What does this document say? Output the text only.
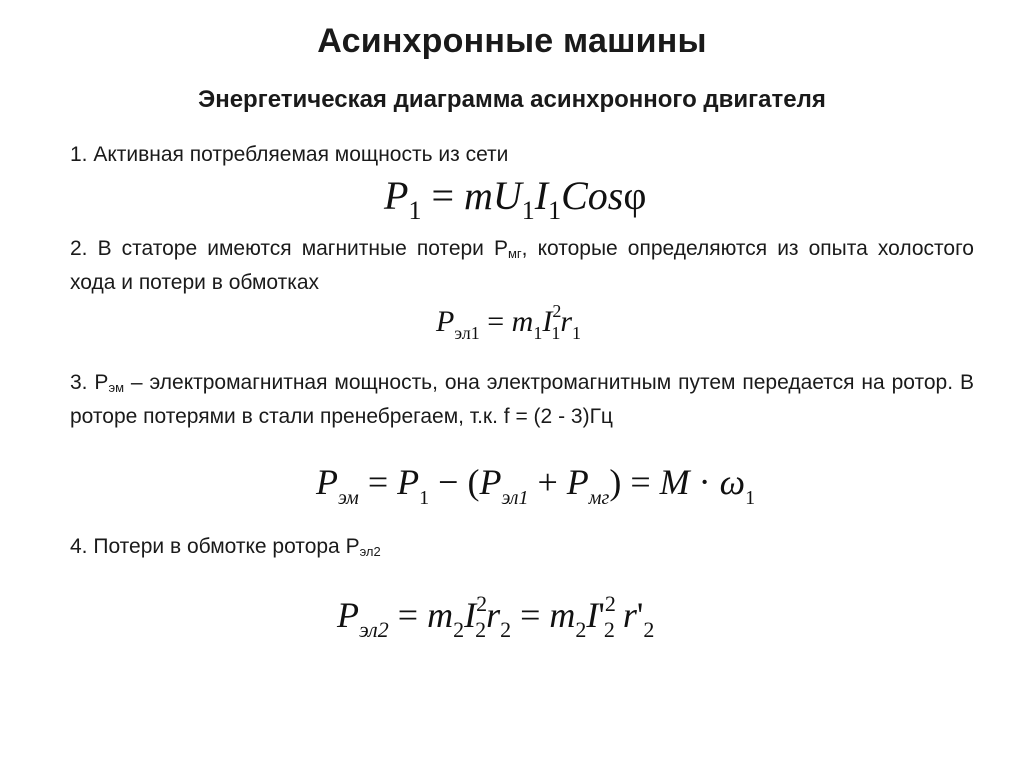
Асинхронные машины
Энергетическая диаграмма асинхронного двигателя

1. Активная потребляемая мощность из сети

$P_1 = mU_1I_1Cos\varphi$

2. В статоре имеются магнитные потери $P_{мг}$, которые определяются из опыта холостого хода и потери в обмотках

$P_{эл1} = m_1I^2_1r_1$

3. $P_{эм}$ – электромагнитная мощность, она электромагнитным путем передается на ротор. В роторе потерями в стали пренебрегаем, т.к. f = (2 - 3)Гц

$P_{эм} = P_1 - (P_{эл1} + P_{мг}) = M \cdot \omega_1$

4. Потери в обмотке ротора $P_{эл2}$

$P_{эл2} = m_2I^2_2r_2 = m_2I'^2_2$ $r'_2$
